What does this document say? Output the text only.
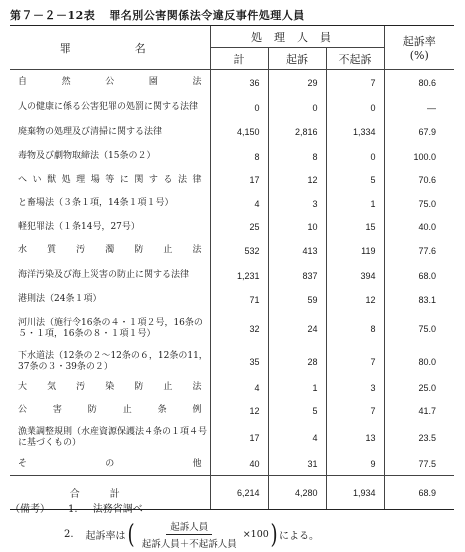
第７－２－12表 罪名別公害関係法令違反事件処理人員
罪　　名	処理人員			起訴率
(%)

	計	起訴	不起訴	
自然公園法	36	29	7	80.6
人の健康に係る公害犯罪の処罰に関する法律	0	0	0	―
廃棄物の処理及び清掃に関する法律	4,150	2,816	1,334	67.9
毒物及び劇物取締法（15条の２）	8	8	0	100.0
へい獣処理場等に関する法律	17	12	5	70.6
と畜場法（３条１項，14条１項１号）	4	3	1	75.0
軽犯罪法（１条14号，27号）	25	10	15	40.0
水質汚濁防止法	532	413	119	77.6
海洋汚染及び海上災害の防止に関する法律	1,231	837	394	68.0
港則法（24条１項）	71	59	12	83.1
河川法（施行令16条の４・１項２号，16条の５・１項，16条の８・１項１号）	32	24	8	75.0
下水道法（12条の２～12条の６，12条の11，37条の３・39条の２）	35	28	7	80.0
大気汚染防止法	4	1	3	25.0
公害防止条例	12	5	7	41.7
漁業調整規則（水産資源保護法４条の１項４号に基づくもの）	17	4	13	23.5
その他	40	31	9	77.5
合計	6,214	4,280	1,934	68.9
（備考） 1. 法務省調べ
2. 起訴率は ( $\frac{\text{起訴人員}}{\text{起訴人員＋不起訴人員}} \times 100$ ) による。
